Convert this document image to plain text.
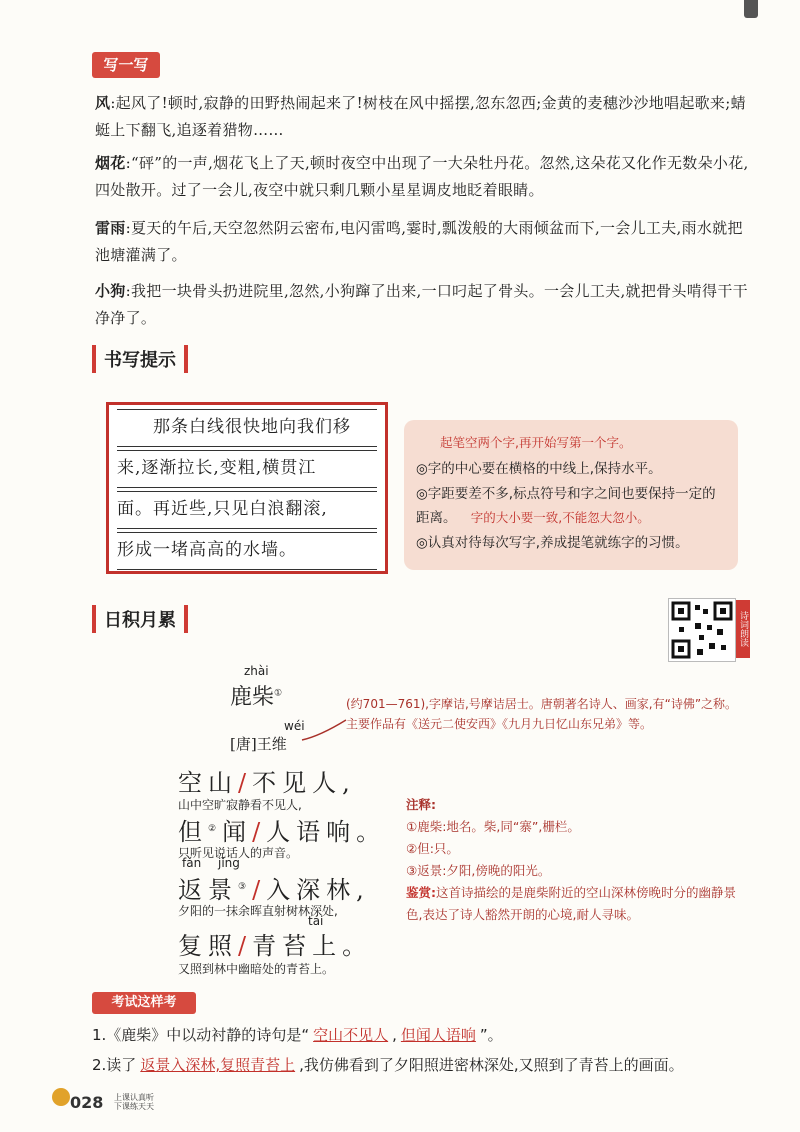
写一写
风:起风了!顿时,寂静的田野热闹起来了!树枝在风中摇摆,忽东忽西;金黄的麦穗沙沙地唱起歌来;蜻蜓上下翻飞,追逐着猎物……
烟花:“砰”的一声,烟花飞上了天,顿时夜空中出现了一大朵牡丹花。忽然,这朵花又化作无数朵小花,四处散开。过了一会儿,夜空中就只剩几颗小星星调皮地眨着眼睛。
雷雨:夏天的午后,天空忽然阴云密布,电闪雷鸣,霎时,瓢泼般的大雨倾盆而下,一会儿工夫,雨水就把池塘灌满了。
小狗:我把一块骨头扔进院里,忽然,小狗蹿了出来,一口叼起了骨头。一会儿工夫,就把骨头啃得干干净净了。
书写提示
那条白线很快地向我们移
来,逐渐拉长,变粗,横贯江
面。再近些,只见白浪翻滚,
形成一堵高高的水墙。
起笔空两个字,再开始写第一个字。
◎字的中心要在横格的中线上,保持水平。
◎字距要差不多,标点符号和字之间也要保持一定的距离。 字的大小要一致,不能忽大忽小。
◎认真对待每次写字,养成提笔就练字的习惯。
日积月累	诗词朗读
zhài
鹿柴①
wéi
[唐]王维
(约701—761),字摩诘,号摩诘居士。唐朝著名诗人、画家,有“诗佛”之称。主要作品有《送元二使安西》《九月九日忆山东兄弟》等。
空山/不见人,
山中空旷寂静看不见人,
但②闻/人语响。
只听见说话人的声音。
fǎn jǐng
返景③/入深林,
夕阳的一抹余晖直射树林深处,
tái
复照/青苔上。
又照到林中幽暗处的青苔上。
注释:
①鹿柴:地名。柴,同“寨”,栅栏。
②但:只。
③返景:夕阳,傍晚的阳光。
鉴赏:这首诗描绘的是鹿柴附近的空山深林傍晚时分的幽静景色,表达了诗人豁然开朗的心境,耐人寻味。
考试这样考
1.《鹿柴》中以动衬静的诗句是“ 空山不见人 , 但闻人语响 ”。
2.读了 返景入深林,复照青苔上 ,我仿佛看到了夕阳照进密林深处,又照到了青苔上的画面。
028 上课认真听
下课练天天
